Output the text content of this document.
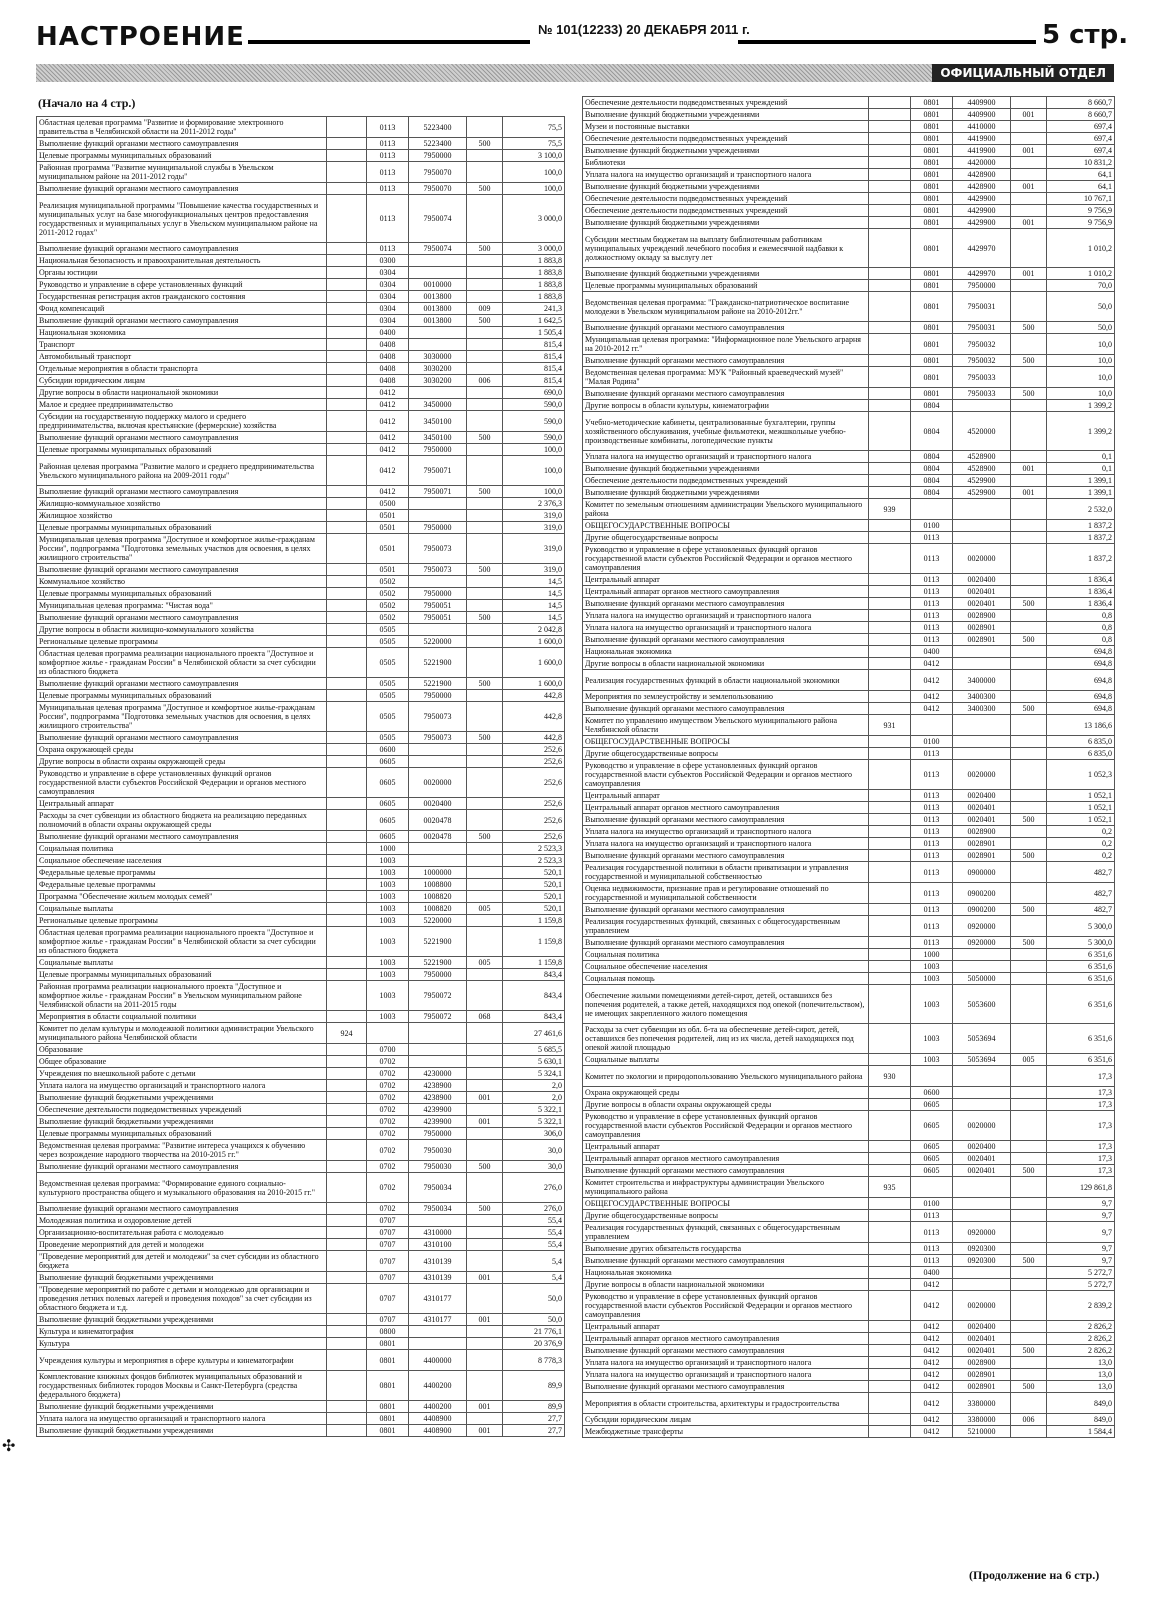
НАСТРОЕНИЕ	№ 101(12233) 20 ДЕКАБРЯ 2011 г.	5 стр.
ОФИЦИАЛЬНЫЙ ОТДЕЛ
(Начало на 4 стр.)
Областная целевая программа "Развитие и формирование электронного правительства в Челябинской области на 2011-2012 годы"		0113	5223400		75,5
Выполнение функций органами местного самоуправления		0113	5223400	500	75,5
Целевые программы муниципальных образований		0113	7950000		3 100,0
Районная программа "Развитие муниципальной службы в Увельском муниципальном районе на 2011-2012 годы"		0113	7950070		100,0
Выполнение функций органами местного самоуправления		0113	7950070	500	100,0
Реализация муниципальной программы "Повышение качества государственных и муниципальных услуг на базе многофункциональных центров предоставления государственных и муниципальных услуг в Увельском муниципальном районе на 2011-2012 годах"		0113	7950074		3 000,0
Выполнение функций органами местного самоуправления		0113	7950074	500	3 000,0
Национальная безопасность и правоохранительная деятельность		0300			1 883,8
Органы юстиции		0304			1 883,8
Руководство и управление в сфере установленных функций		0304	0010000		1 883,8
Государственная регистрация актов гражданского состояния		0304	0013800		1 883,8
Фонд компенсаций		0304	0013800	009	241,3
Выполнение функций органами местного самоуправления		0304	0013800	500	1 642,5
Национальная экономика		0400			1 505,4
Транспорт		0408			815,4
Автомобильный транспорт		0408	3030000		815,4
Отдельные мероприятия в области транспорта		0408	3030200		815,4
Субсидии юридическим лицам		0408	3030200	006	815,4
Другие вопросы в области национальной экономики		0412			690,0
Малое и среднее предпринимательство		0412	3450000		590,0
Субсидии на государственную поддержку малого и среднего предпринимательства, включая крестьянские (фермерские) хозяйства		0412	3450100		590,0
Выполнение функций органами местного самоуправления		0412	3450100	500	590,0
Целевые программы муниципальных образований		0412	7950000		100,0
Районная целевая программа "Развитие малого и среднего предпринимательства Увельского муниципального района на 2009-2011 годы"		0412	7950071		100,0
Выполнение функций органами местного самоуправления		0412	7950071	500	100,0
Жилищно-коммунальное хозяйство		0500			2 376,3
Жилищное хозяйство		0501			319,0
Целевые программы муниципальных образований		0501	7950000		319,0
Муниципальная целевая программа "Доступное и комфортное жилье-гражданам России", подпрограмма "Подготовка земельных участков для освоения, в целях жилищного строительства"		0501	7950073		319,0
Выполнение функций органами местного самоуправления		0501	7950073	500	319,0
Коммунальное хозяйство		0502			14,5
Целевые программы муниципальных образований		0502	7950000		14,5
Муниципальная целевая программа: "Чистая вода"		0502	7950051		14,5
Выполнение функций органами местного самоуправления		0502	7950051	500	14,5
Другие вопросы в области жилищно-коммунального хозяйства		0505			2 042,8
Региональные целевые программы		0505	5220000		1 600,0
Областная целевая программа реализации национального проекта "Доступное и комфортное жилье - гражданам России" в Челябинской области за счет субсидии из областного бюджета		0505	5221900		1 600,0
Выполнение функций органами местного самоуправления		0505	5221900	500	1 600,0
Целевые программы муниципальных образований		0505	7950000		442,8
Муниципальная целевая программа "Доступное и комфортное жилье-гражданам России", подпрограмма "Подготовка земельных участков для освоения, в целях жилищного строительства"		0505	7950073		442,8
Выполнение функций органами местного самоуправления		0505	7950073	500	442,8
Охрана окружающей среды		0600			252,6
Другие вопросы в области охраны окружающей среды		0605			252,6
Руководство и управление в сфере установленных функций органов государственной власти субъектов Российской Федерации и органов местного самоуправления		0605	0020000		252,6
Центральный аппарат		0605	0020400		252,6
Расходы за счет субвенции из областного бюджета на реализацию переданных полномочий в области охраны окружающей среды		0605	0020478		252,6
Выполнение функций органами местного самоуправления		0605	0020478	500	252,6
Социальная политика		1000			2 523,3
Социальное обеспечение населения		1003			2 523,3
Федеральные целевые программы		1003	1000000		520,1
Федеральные целевые программы		1003	1008800		520,1
Программа "Обеспечение жильем молодых семей"		1003	1008820		520,1
Социальные выплаты		1003	1008820	005	520,1
Региональные целевые программы		1003	5220000		1 159,8
Областная целевая программа реализации национального проекта "Доступное и комфортное жилье - гражданам России" в Челябинской области за счет субсидии из областного бюджета		1003	5221900		1 159,8
Социальные выплаты		1003	5221900	005	1 159,8
Целевые программы муниципальных образований		1003	7950000		843,4
Районная программа реализации национального проекта "Доступное и комфортное жилье - гражданам России" в Увельском муниципальном районе Челябинской области на 2011-2015 годы		1003	7950072		843,4
Мероприятия в области социальной политики		1003	7950072	068	843,4
Комитет по делам культуры и молодежной политики администрации Увельского муниципального района Челябинской области	924				27 461,6
Образование		0700			5 685,5
Общее образование		0702			5 630,1
Учреждения по внешкольной работе с детьми		0702	4230000		5 324,1
Уплата налога на имущество организаций и транспортного налога		0702	4238900		2,0
Выполнение функций бюджетными учреждениями		0702	4238900	001	2,0
Обеспечение деятельности подведомственных учреждений		0702	4239900		5 322,1
Выполнение функций бюджетными учреждениями		0702	4239900	001	5 322,1
Целевые программы муниципальных образований		0702	7950000		306,0
Ведомственная целевая программа: "Развитие интереса учащихся к обучению через возрождение народного творчества на 2010-2015 гг."		0702	7950030		30,0
Выполнение функций органами местного самоуправления		0702	7950030	500	30,0
Ведомственная целевая программа: "Формирование единого социально-культурного пространства общего и музыкального образования на 2010-2015 гг."		0702	7950034		276,0
Выполнение функций органами местного самоуправления		0702	7950034	500	276,0
Молодежная политика и оздоровление детей		0707			55,4
Организационно-воспитательная работа с молодежью		0707	4310000		55,4
Проведение мероприятий для детей и молодежи		0707	4310100		55,4
"Проведение мероприятий для детей и молодежи" за счет субсидии из областного бюджета		0707	4310139		5,4
Выполнение функций бюджетными учреждениями		0707	4310139	001	5,4
"Проведение мероприятий по работе с детьми и молодежью для организации и проведения летних полевых лагерей и проведения походов" за счет субсидии из областного бюджета и т.д.		0707	4310177		50,0
Выполнение функций бюджетными учреждениями		0707	4310177	001	50,0
Культура и кинематография		0800			21 776,1
Культура		0801			20 376,9
Учреждения культуры и мероприятия в сфере культуры и кинематографии		0801	4400000		8 778,3
Комплектование книжных фондов библиотек муниципальных образований и государственных библиотек городов Москвы и Санкт-Петербурга (средства федерального бюджета)		0801	4400200		89,9
Выполнение функций бюджетными учреждениями		0801	4400200	001	89,9
Уплата налога на имущество организаций и транспортного налога		0801	4408900		27,7
Выполнение функций бюджетными учреждениями		0801	4408900	001	27,7
Обеспечение деятельности подведомственных учреждений		0801	4409900		8 660,7
Выполнение функций бюджетными учреждениями		0801	4409900	001	8 660,7
Музеи и постоянные выставки		0801	4410000		697,4
Обеспечение деятельности подведомственных учреждений		0801	4419900		697,4
Выполнение функций бюджетными учреждениями		0801	4419900	001	697,4
Библиотеки		0801	4420000		10 831,2
Уплата налога на имущество организаций и транспортного налога		0801	4428900		64,1
Выполнение функций бюджетными учреждениями		0801	4428900	001	64,1
Обеспечение деятельности подведомственных учреждений		0801	4429900		10 767,1
Обеспечение деятельности подведомственных учреждений		0801	4429900		9 756,9
Выполнение функций бюджетными учреждениями		0801	4429900	001	9 756,9
Субсидии местным бюджетам на выплату библиотечным работникам муниципальных учреждений лечебного пособия и ежемесячной надбавки к должностному окладу за выслугу лет		0801	4429970		1 010,2
Выполнение функций бюджетными учреждениями		0801	4429970	001	1 010,2
Целевые программы муниципальных образований		0801	7950000		70,0
Ведомственная целевая программа: "Гражданско-патриотическое воспитание молодежи в Увельском муниципальном районе на 2010-2012гг."		0801	7950031		50,0
Выполнение функций органами местного самоуправления		0801	7950031	500	50,0
Муниципальная целевая программа: "Информационное поле Увельского аграрня на 2010-2012 гг."		0801	7950032		10,0
Выполнение функций органами местного самоуправления		0801	7950032	500	10,0
Ведомственная целевая программа: МУК "Районный краеведческий музей" "Малая Родина"		0801	7950033		10,0
Выполнение функций органами местного самоуправления		0801	7950033	500	10,0
Другие вопросы в области культуры, кинематографии		0804			1 399,2
Учебно-методические кабинеты, централизованные бухгалтерии, группы хозяйственного обслуживания, учебные фильмотеки, межшкольные учебно-производственные комбинаты, логопедические пункты		0804	4520000		1 399,2
Уплата налога на имущество организаций и транспортного налога		0804	4528900		0,1
Выполнение функций бюджетными учреждениями		0804	4528900	001	0,1
Обеспечение деятельности подведомственных учреждений		0804	4529900		1 399,1
Выполнение функций бюджетными учреждениями		0804	4529900	001	1 399,1
Комитет по земельным отношениям администрации Увельского муниципального района	939				2 532,0
ОБЩЕГОСУДАРСТВЕННЫЕ ВОПРОСЫ		0100			1 837,2
Другие общегосударственные вопросы		0113			1 837,2
Руководство и управление в сфере установленных функций органов государственной власти субъектов Российской Федерации и органов местного самоуправления		0113	0020000		1 837,2
Центральный аппарат		0113	0020400		1 836,4
Центральный аппарат органов местного самоуправления		0113	0020401		1 836,4
Выполнение функций органами местного самоуправления		0113	0020401	500	1 836,4
Уплата налога на имущество организаций и транспортного налога		0113	0028900		0,8
Уплата налога на имущество организаций и транспортного налога		0113	0028901		0,8
Выполнение функций органами местного самоуправления		0113	0028901	500	0,8
Национальная экономика		0400			694,8
Другие вопросы в области национальной экономики		0412			694,8
Реализация государственных функций в области национальной экономики		0412	3400000		694,8
Мероприятия по землеустройству и землепользованию		0412	3400300		694,8
Выполнение функций органами местного самоуправления		0412	3400300	500	694,8
Комитет по управлению имуществом Увельского муниципального района Челябинской области	931				13 186,6
ОБЩЕГОСУДАРСТВЕННЫЕ ВОПРОСЫ		0100			6 835,0
Другие общегосударственные вопросы		0113			6 835,0
Руководство и управление в сфере установленных функций органов государственной власти субъектов Российской Федерации и органов местного самоуправления		0113	0020000		1 052,3
Центральный аппарат		0113	0020400		1 052,1
Центральный аппарат органов местного самоуправления		0113	0020401		1 052,1
Выполнение функций органами местного самоуправления		0113	0020401	500	1 052,1
Уплата налога на имущество организаций и транспортного налога		0113	0028900		0,2
Уплата налога на имущество организаций и транспортного налога		0113	0028901		0,2
Выполнение функций органами местного самоуправления		0113	0028901	500	0,2
Реализация государственной политики в области приватизации и управления государственной и муниципальной собственностью		0113	0900000		482,7
Оценка недвижимости, признание прав и регулирование отношений по государственной и муниципальной собственности		0113	0900200		482,7
Выполнение функций органами местного самоуправления		0113	0900200	500	482,7
Реализация государственных функций, связанных с общегосударственным управлением		0113	0920000		5 300,0
Выполнение функций органами местного самоуправления		0113	0920000	500	5 300,0
Социальная политика		1000			6 351,6
Социальное обеспечение населения		1003			6 351,6
Социальная помощь		1003	5050000		6 351,6
Обеспечение жилыми помещениями детей-сирот, детей, оставшихся без попечения родителей, а также детей, находящихся под опекой (попечительством), не имеющих закрепленного жилого помещения		1003	5053600		6 351,6
Расходы за счет субвенции из обл. б-та на обеспечение детей-сирот, детей, оставшихся без попечения родителей, лиц из их числа, детей находящихся под опекой жилой площадью		1003	5053694		6 351,6
Социальные выплаты		1003	5053694	005	6 351,6
Комитет по экологии и природопользованию Увельского муниципального района	930				17,3
Охрана окружающей среды		0600			17,3
Другие вопросы в области охраны окружающей среды		0605			17,3
Руководство и управление в сфере установленных функций органов государственной власти субъектов Российской Федерации и органов местного самоуправления		0605	0020000		17,3
Центральный аппарат		0605	0020400		17,3
Центральный аппарат органов местного самоуправления		0605	0020401		17,3
Выполнение функций органами местного самоуправления		0605	0020401	500	17,3
Комитет строительства и инфраструктуры администрации Увельского муниципального района	935				129 861,8
ОБЩЕГОСУДАРСТВЕННЫЕ ВОПРОСЫ		0100			9,7
Другие общегосударственные вопросы		0113			9,7
Реализация государственных функций, связанных с общегосударственным управлением		0113	0920000		9,7
Выполнение других обязательств государства		0113	0920300		9,7
Выполнение функций органами местного самоуправления		0113	0920300	500	9,7
Национальная экономика		0400			5 272,7
Другие вопросы в области национальной экономики		0412			5 272,7
Руководство и управление в сфере установленных функций органов государственной власти субъектов Российской Федерации и органов местного самоуправления		0412	0020000		2 839,2
Центральный аппарат		0412	0020400		2 826,2
Центральный аппарат органов местного самоуправления		0412	0020401		2 826,2
Выполнение функций органами местного самоуправления		0412	0020401	500	2 826,2
Уплата налога на имущество организаций и транспортного налога		0412	0028900		13,0
Уплата налога на имущество организаций и транспортного налога		0412	0028901		13,0
Выполнение функций органами местного самоуправления		0412	0028901	500	13,0
Мероприятия в области строительства, архитектуры и градостроительства		0412	3380000		849,0
Субсидии юридическим лицам		0412	3380000	006	849,0
Межбюджетные трансферты		0412	5210000		1 584,4
(Продолжение на 6 стр.)
✣
